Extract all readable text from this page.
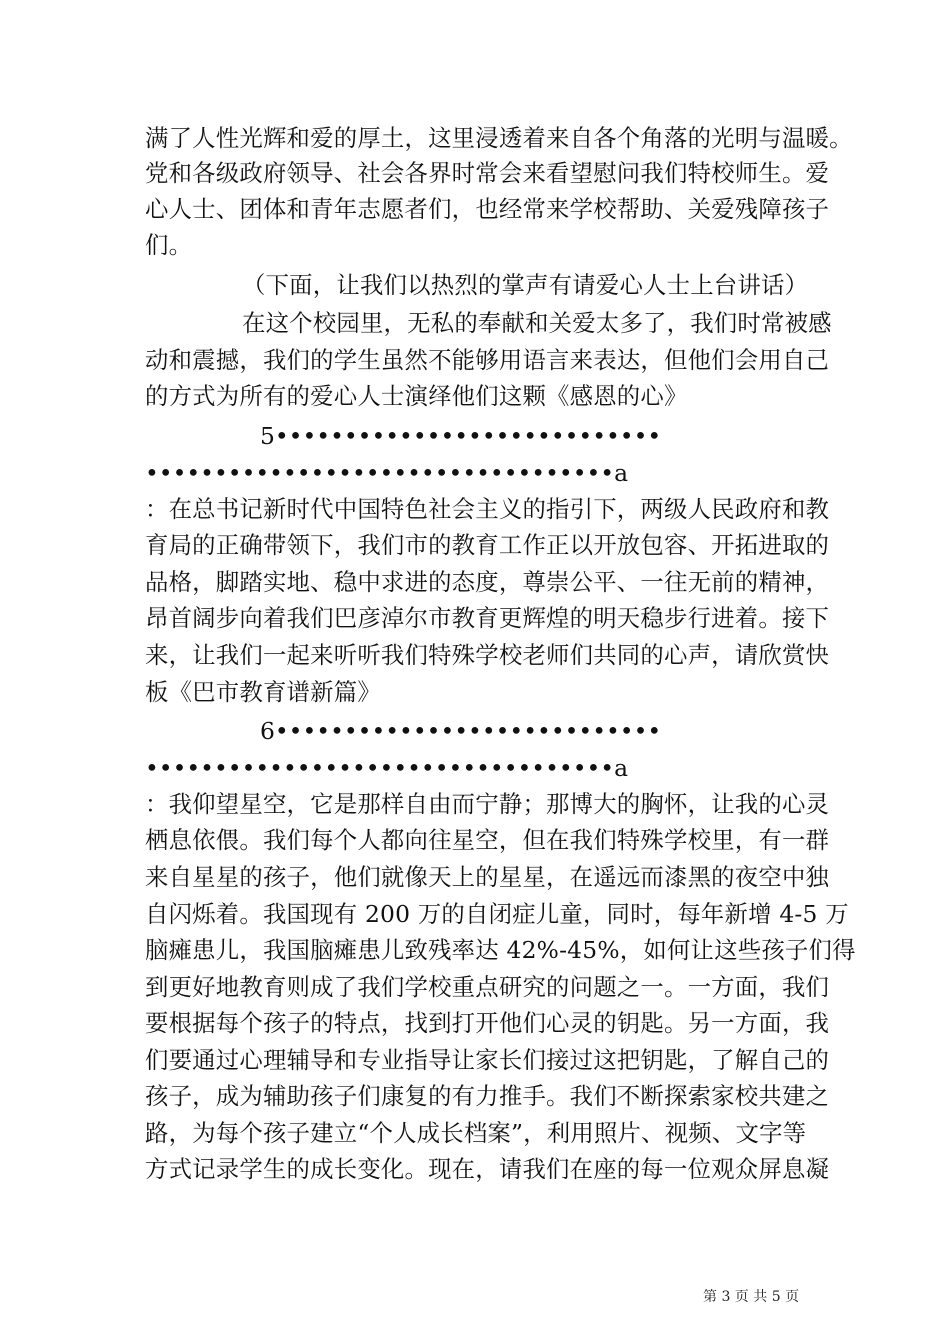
满了人性光辉和爱的厚土，这里浸透着来自各个角落的光明与温暖。
党和各级政府领导、社会各界时常会来看望慰问我们特校师生。爱
心人士、团体和青年志愿者们，也经常来学校帮助、关爱残障孩子
们。
（下面，让我们以热烈的掌声有请爱心人士上台讲话）
在这个校园里，无私的奉献和关爱太多了，我们时常被感
动和震撼，我们的学生虽然不能够用语言来表达，但他们会用自己
的方式为所有的爱心人士演绎他们这颗《感恩的心》
5••••••••••••••••••••••••••••
••••••••••••••••••••••••••••••••••a
：在总书记新时代中国特色社会主义的指引下，两级人民政府和教
育局的正确带领下，我们市的教育工作正以开放包容、开拓进取的
品格，脚踏实地、稳中求进的态度，尊崇公平、一往无前的精神，
昂首阔步向着我们巴彦淖尔市教育更辉煌的明天稳步行进着。接下
来，让我们一起来听听我们特殊学校老师们共同的心声，请欣赏快
板《巴市教育谱新篇》
6••••••••••••••••••••••••••••
••••••••••••••••••••••••••••••••••a
：我仰望星空，它是那样自由而宁静；那博大的胸怀，让我的心灵
栖息依偎。我们每个人都向往星空，但在我们特殊学校里，有一群
来自星星的孩子，他们就像天上的星星，在遥远而漆黑的夜空中独
自闪烁着。我国现有 200 万的自闭症儿童，同时，每年新增 4-5 万
脑瘫患儿，我国脑瘫患儿致残率达 42%-45%，如何让这些孩子们得
到更好地教育则成了我们学校重点研究的问题之一。一方面，我们
要根据每个孩子的特点，找到打开他们心灵的钥匙。另一方面，我
们要通过心理辅导和专业指导让家长们接过这把钥匙，了解自己的
孩子，成为辅助孩子们康复的有力推手。我们不断探索家校共建之
路，为每个孩子建立“个人成长档案”，利用照片、视频、文字等
方式记录学生的成长变化。现在，请我们在座的每一位观众屏息凝
第 3 页 共 5 页
